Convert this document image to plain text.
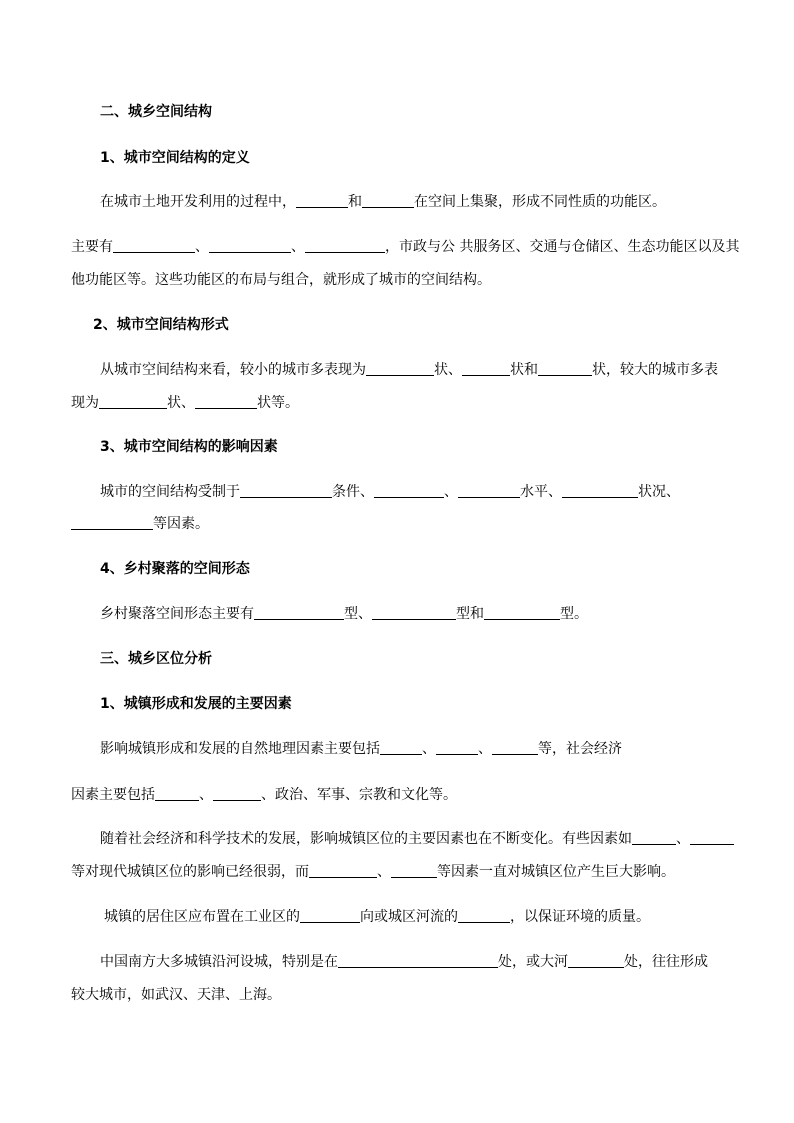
二、城乡空间结构
1、城市空间结构的定义
在城市土地开发利用的过程中，	和	在空间上集聚，形成不同性质的功能区。
主要有	、	、	，市政与公 共服务区、交通与仓储区、生态功能区以及其
他功能区等。这些功能区的布局与组合，就形成了城市的空间结构。
2、城市空间结构形式
从城市空间结构来看，较小的城市多表现为	状、	状和	状，较大的城市多表
现为	状、	状等。
3、城市空间结构的影响因素
城市的空间结构受制于	条件、	、	水平、	状况、
等因素。
4、乡村聚落的空间形态
乡村聚落空间形态主要有	型、	型和	型。
三、城乡区位分析
1、城镇形成和发展的主要因素
影响城镇形成和发展的自然地理因素主要包括	、	、	等，社会经济
因素主要包括	、	、政治、军事、宗教和文化等。
随着社会经济和科学技术的发展，影响城镇区位的主要因素也在不断变化。有些因素如	、
等对现代城镇区位的影响已经很弱，而	、	等因素一直对城镇区位产生巨大影响。
城镇的居住区应布置在工业区的	向或城区河流的	，以保证环境的质量。
中国南方大多城镇沿河设城，特别是在	处，或大河	处，往往形成
较大城市，如武汉、天津、上海。
